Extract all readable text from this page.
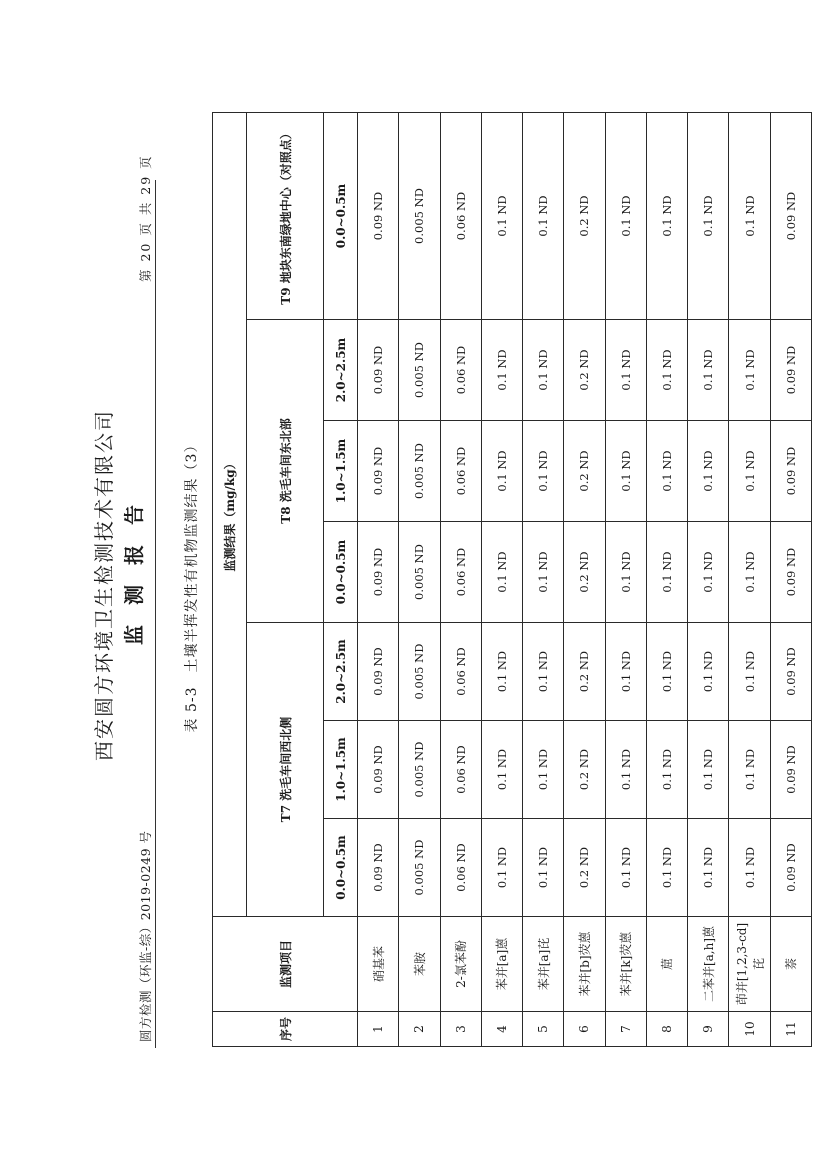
圆方检测（环监-综）2019-0249 号
第 20 页 共 29 页
西安圆方环境卫生检测技术有限公司 监测报告
表 5-3土壤半挥发性有机物监测结果（3）
序号	监测项目	监测结果（mg/kg）						
		T7 洗毛车间西北侧			T8 洗毛车间东北部			T9 地块东南绿地中心（对照点）
		0.0~0.5m	1.0~1.5m	2.0~2.5m	0.0~0.5m	1.0~1.5m	2.0~2.5m	0.0~0.5m
1	硝基苯	0.09 ND	0.09 ND	0.09 ND	0.09 ND	0.09 ND	0.09 ND	0.09 ND
2	苯胺	0.005 ND	0.005 ND	0.005 ND	0.005 ND	0.005 ND	0.005 ND	0.005 ND
3	2-氯苯酚	0.06 ND	0.06 ND	0.06 ND	0.06 ND	0.06 ND	0.06 ND	0.06 ND
4	苯并[a]蒽	0.1 ND	0.1 ND	0.1 ND	0.1 ND	0.1 ND	0.1 ND	0.1 ND
5	苯并[a]芘	0.1 ND	0.1 ND	0.1 ND	0.1 ND	0.1 ND	0.1 ND	0.1 ND
6	苯并[b]荧蒽	0.2 ND	0.2 ND	0.2 ND	0.2 ND	0.2 ND	0.2 ND	0.2 ND
7	苯并[k]荧蒽	0.1 ND	0.1 ND	0.1 ND	0.1 ND	0.1 ND	0.1 ND	0.1 ND
8	䓛	0.1 ND	0.1 ND	0.1 ND	0.1 ND	0.1 ND	0.1 ND	0.1 ND
9	二苯并[a,h]蒽	0.1 ND	0.1 ND	0.1 ND	0.1 ND	0.1 ND	0.1 ND	0.1 ND
10	茚并[1,2,3-cd]芘	0.1 ND	0.1 ND	0.1 ND	0.1 ND	0.1 ND	0.1 ND	0.1 ND
11	萘	0.09 ND	0.09 ND	0.09 ND	0.09 ND	0.09 ND	0.09 ND	0.09 ND
